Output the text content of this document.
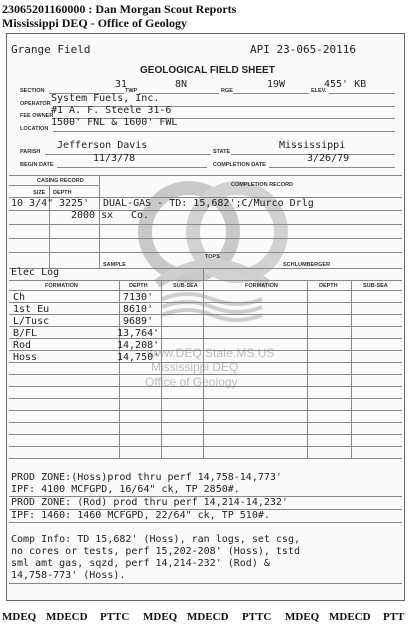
23065201160000 : Dan Morgan Scout Reports
Mississippi DEQ - Office of Geology
www.DEQ.State.MS.US
Mississippi DEQ
Office of Geology
Grange Field	API 23-065-20116
GEOLOGICAL FIELD SHEET
31	8N	19W	455' KB
SECTION	TWP	RGE	ELEV.
System Fuels, Inc.
OPERATOR
#1 A. F. Steele 31-6
FEE OWNER
1500' FNL & 1600' FWL
LOCATION
Jefferson Davis	Mississippi
PARISH	STATE
11/3/78	3/26/79
BEGIN DATE	COMPLETION DATE
CASING RECORD
COMPLETION RECORD
SIZE DEPTH
10 3/4" 3225'
2000 sx
DUAL-GAS - TD: 15,682';C/Murco Drlg
Co.
SAMPLE
TOPS
SCHLUMBERGER
Elec Log
FORMATION	DEPTH	SUB-SEA	FORMATION	DEPTH	SUB-SEA
Ch	7130'
1st Eu	8610'
L/Tusc	9689'
B/FL	13,764'
Rod	14,208'
Hoss	14,750'
PROD ZONE:(Hoss)prod thru perf 14,758-14,773'
IPF: 4100 MCFGPD, 16/64" ck, TP 2850#.
PROD ZONE: (Rod) prod thru perf 14,214-14,232'
IPF: 1460: 1460 MCFGPD, 22/64" ck, TP 510#.
Comp Info: TD 15,682' (Hoss), ran logs, set csg,
no cores or tests, perf 15,202-208' (Hoss), tstd
sml amt gas, sqzd, perf 14,214-232' (Rod) &
14,758-773' (Hoss).
MDEQ MDECD PTTC MDEQ MDECD PTTC MDEQ MDECD PTT
